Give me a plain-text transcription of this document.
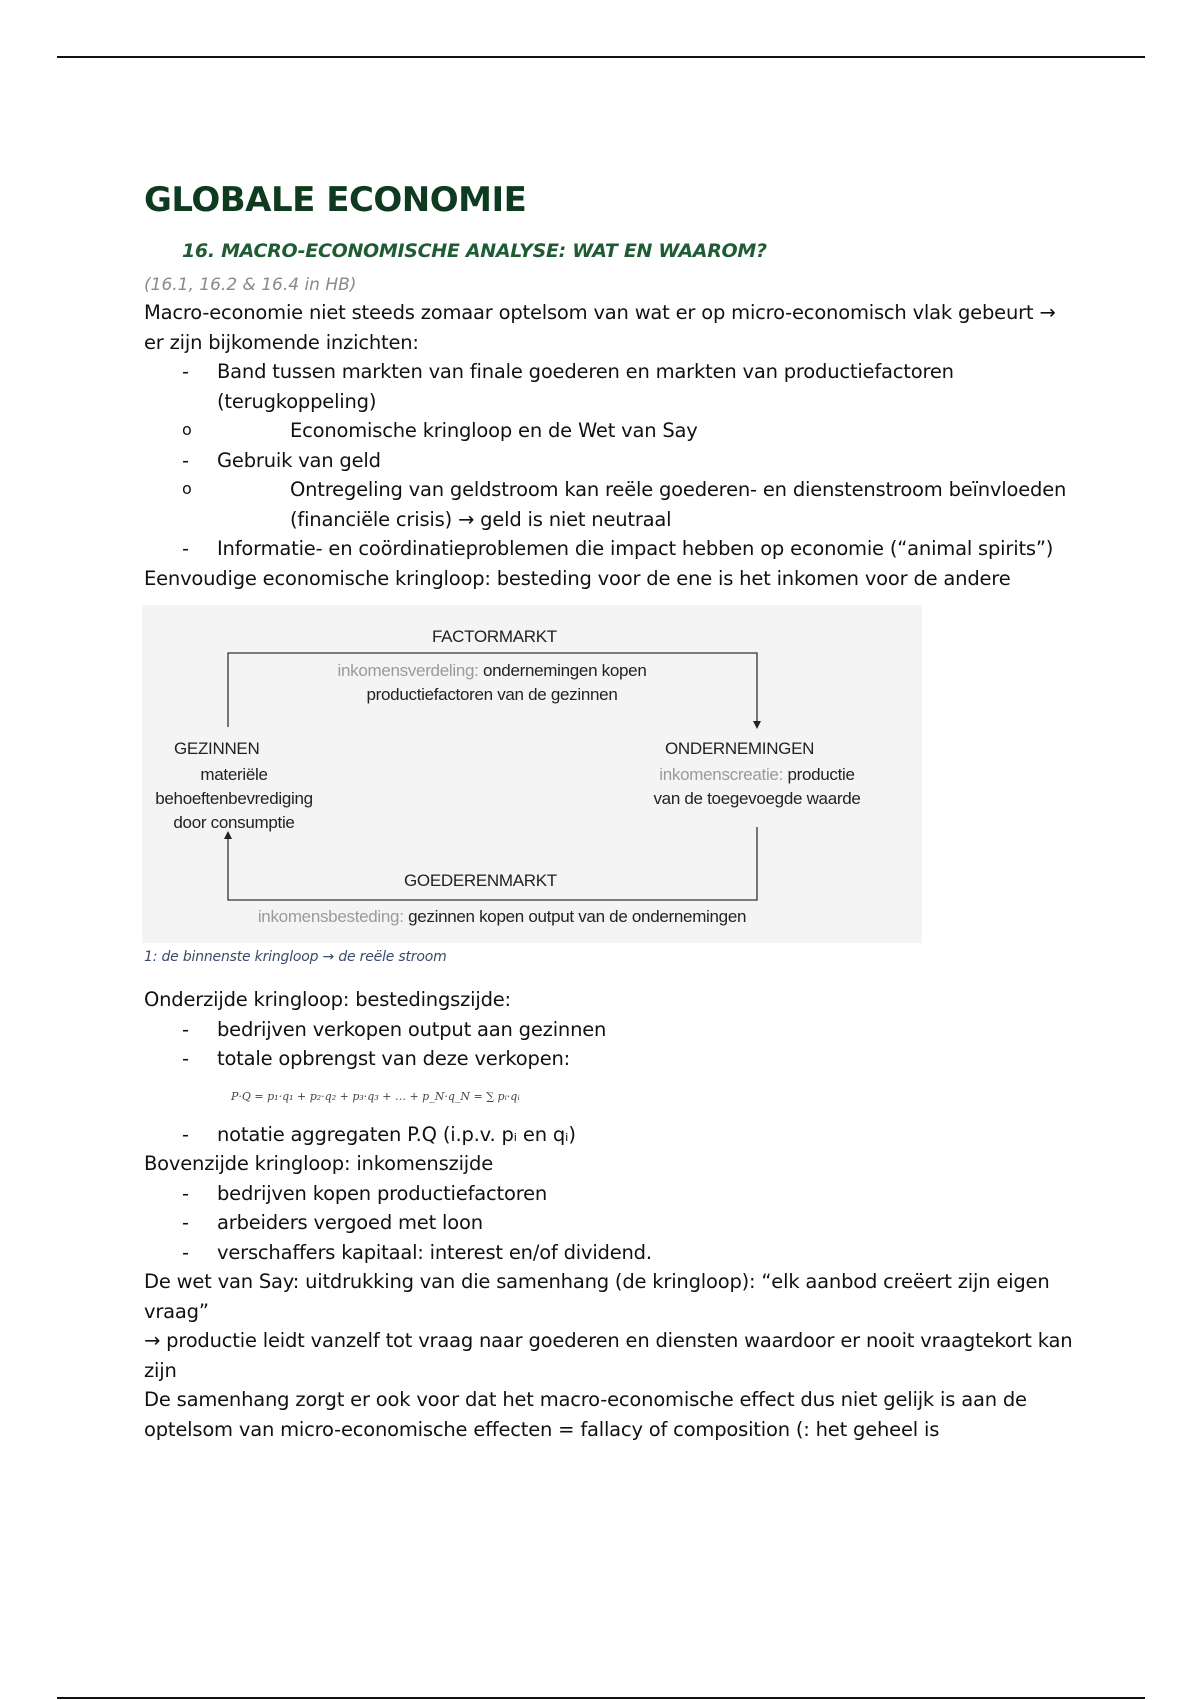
GLOBALE ECONOMIE
16. MACRO-ECONOMISCHE ANALYSE: WAT EN WAAROM?
(16.1, 16.2 & 16.4 in HB)

Macro-economie niet steeds zomaar optelsom van wat er op micro-economisch vlak gebeurt → er zijn bijkomende inzichten:

- Band tussen markten van finale goederen en markten van productiefactoren (terugkoppeling)
o Economische kringloop en de Wet van Say
- Gebruik van geld
o Ontregeling van geldstroom kan reële goederen- en dienstenstroom beïnvloeden (financiële crisis) → geld is niet neutraal
- Informatie- en coördinatieproblemen die impact hebben op economie (“animal spirits”)

Eenvoudige economische kringloop: besteding voor de ene is het inkomen voor de andere

FACTORMARKT
inkomensverdeling: ondernemingen kopen
productiefactoren van de gezinnen
GEZINNEN
materiële
behoeftenbevrediging
door consumptie
ONDERNEMINGEN
inkomenscreatie: productie
van de toegevoegde waarde
GOEDERENMARKT
inkomensbesteding: gezinnen kopen output van de ondernemingen
1: de binnenste kringloop → de reële stroom

Onderzijde kringloop: bestedingszijde:

- bedrijven verkopen output aan gezinnen
- totale opbrengst van deze verkopen:
P·Q = p₁·q₁ + p₂·q₂ + p₃·q₃ + … + p_N·q_N = ∑ pᵢ·qᵢ
- notatie aggregaten P.Q (i.p.v. pᵢ en qᵢ)

Bovenzijde kringloop: inkomenszijde

- bedrijven kopen productiefactoren
- arbeiders vergoed met loon
- verschaffers kapitaal: interest en/of dividend.

De wet van Say: uitdrukking van die samenhang (de kringloop): “elk aanbod creëert zijn eigen vraag”

→ productie leidt vanzelf tot vraag naar goederen en diensten waardoor er nooit vraagtekort kan zijn

De samenhang zorgt er ook voor dat het macro-economische effect dus niet gelijk is aan de optelsom van micro-economische effecten = fallacy of composition (: het geheel is
